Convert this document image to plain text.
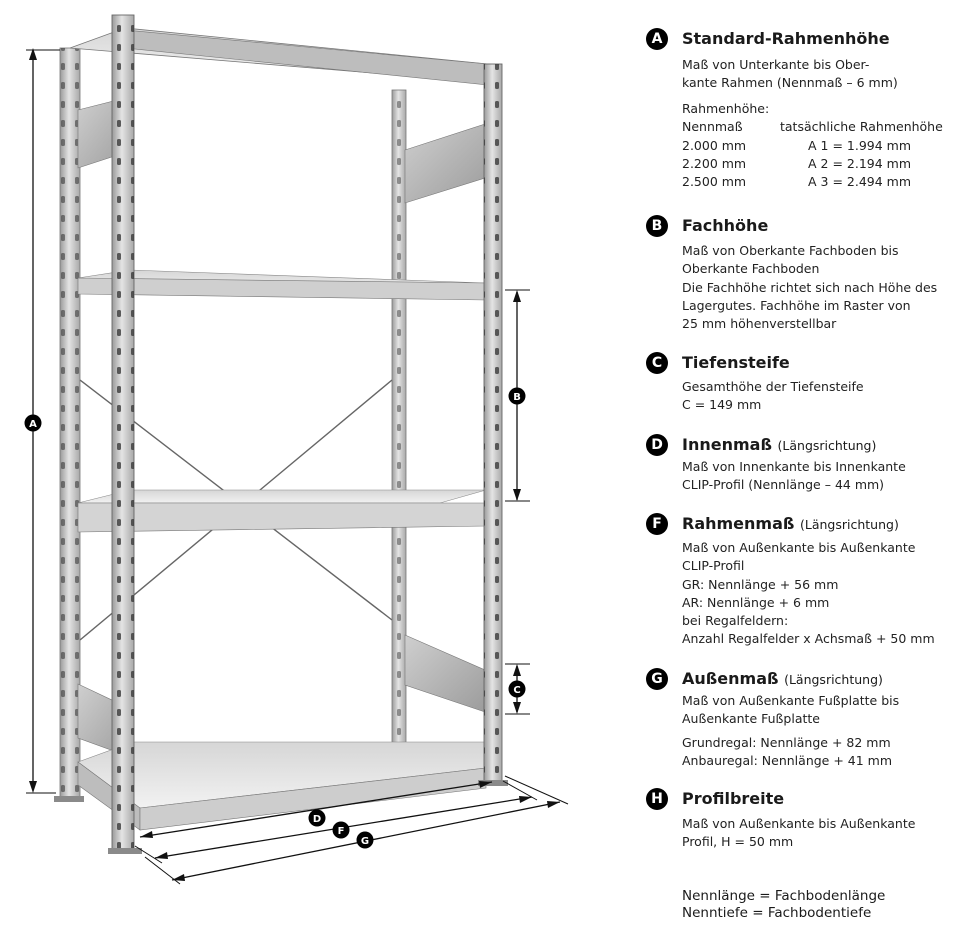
A
B
C
D
F
G
A	Standard-Rahmenhöhe
Maß von Unterkante bis Ober-
kante Rahmen (Nennmaß – 6 mm)
Rahmenhöhe:
Nennmaß	tatsächliche Rahmenhöhe
2.000 mm	A 1 = 1.994 mm
2.200 mm	A 2 = 2.194 mm
2.500 mm	A 3 = 2.494 mm
B	Fachhöhe
Maß von Oberkante Fachboden bis
Oberkante Fachboden
Die Fachhöhe richtet sich nach Höhe des
Lagergutes. Fachhöhe im Raster von
25 mm höhenverstellbar
C	Tiefensteife
Gesamthöhe der Tiefensteife
C = 149 mm
D	Innenmaß (Längsrichtung)
Maß von Innenkante bis Innenkante
CLIP-Profil (Nennlänge – 44 mm)
F	Rahmenmaß (Längsrichtung)
Maß von Außenkante bis Außenkante
CLIP-Profil
GR: Nennlänge + 56 mm
AR: Nennlänge + 6 mm
bei Regalfeldern:
Anzahl Regalfelder x Achsmaß + 50 mm
G	Außenmaß (Längsrichtung)
Maß von Außenkante Fußplatte bis
Außenkante Fußplatte
Grundregal: Nennlänge + 82 mm
Anbauregal: Nennlänge + 41 mm
H	Profilbreite
Maß von Außenkante bis Außenkante
Profil, H = 50 mm
Nennlänge = Fachbodenlänge
Nenntiefe = Fachbodentiefe
